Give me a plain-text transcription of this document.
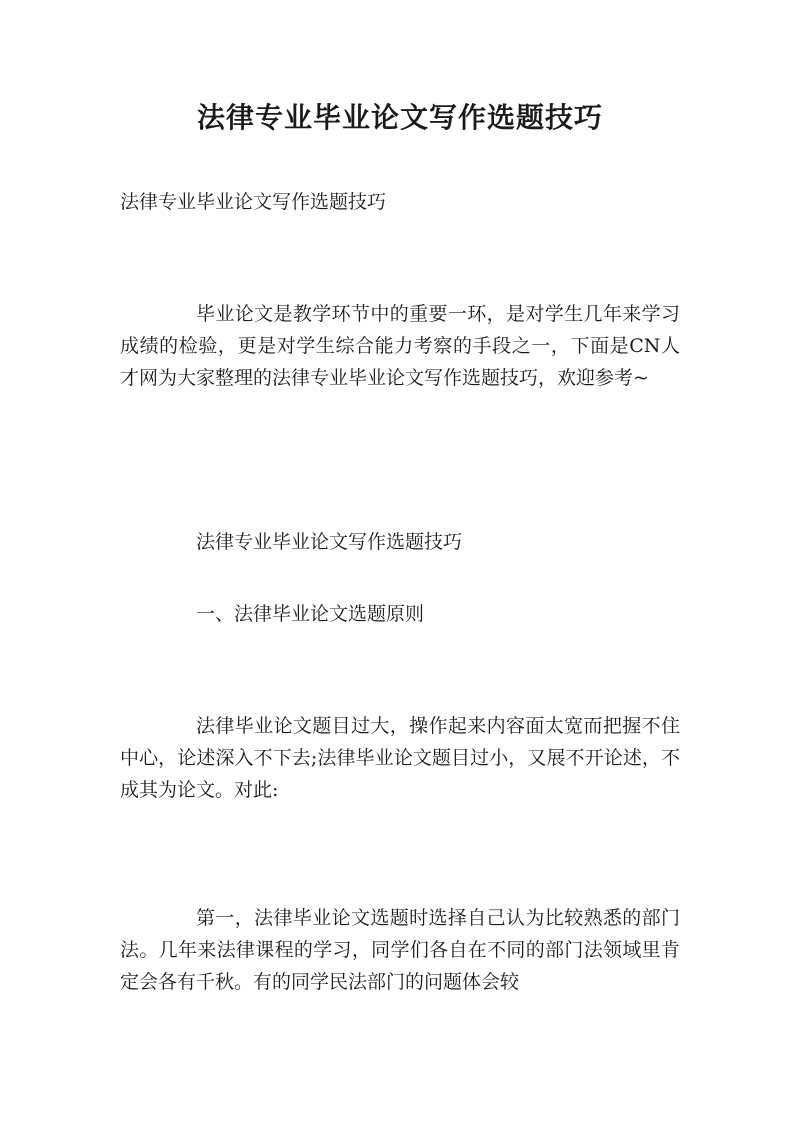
法律专业毕业论文写作选题技巧

法律专业毕业论文写作选题技巧

毕业论文是教学环节中的重要一环，是对学生几年来学习成绩的检验，更是对学生综合能力考察的手段之一，下面是CN人才网为大家整理的法律专业毕业论文写作选题技巧，欢迎参考~

法律专业毕业论文写作选题技巧

一、法律毕业论文选题原则

法律毕业论文题目过大，操作起来内容面太宽而把握不住中心，论述深入不下去;法律毕业论文题目过小，又展不开论述，不成其为论文。对此:

第一，法律毕业论文选题时选择自己认为比较熟悉的部门法。几年来法律课程的学习，同学们各自在不同的部门法领域里肯定会各有千秋。有的同学民法部门的问题体会较
